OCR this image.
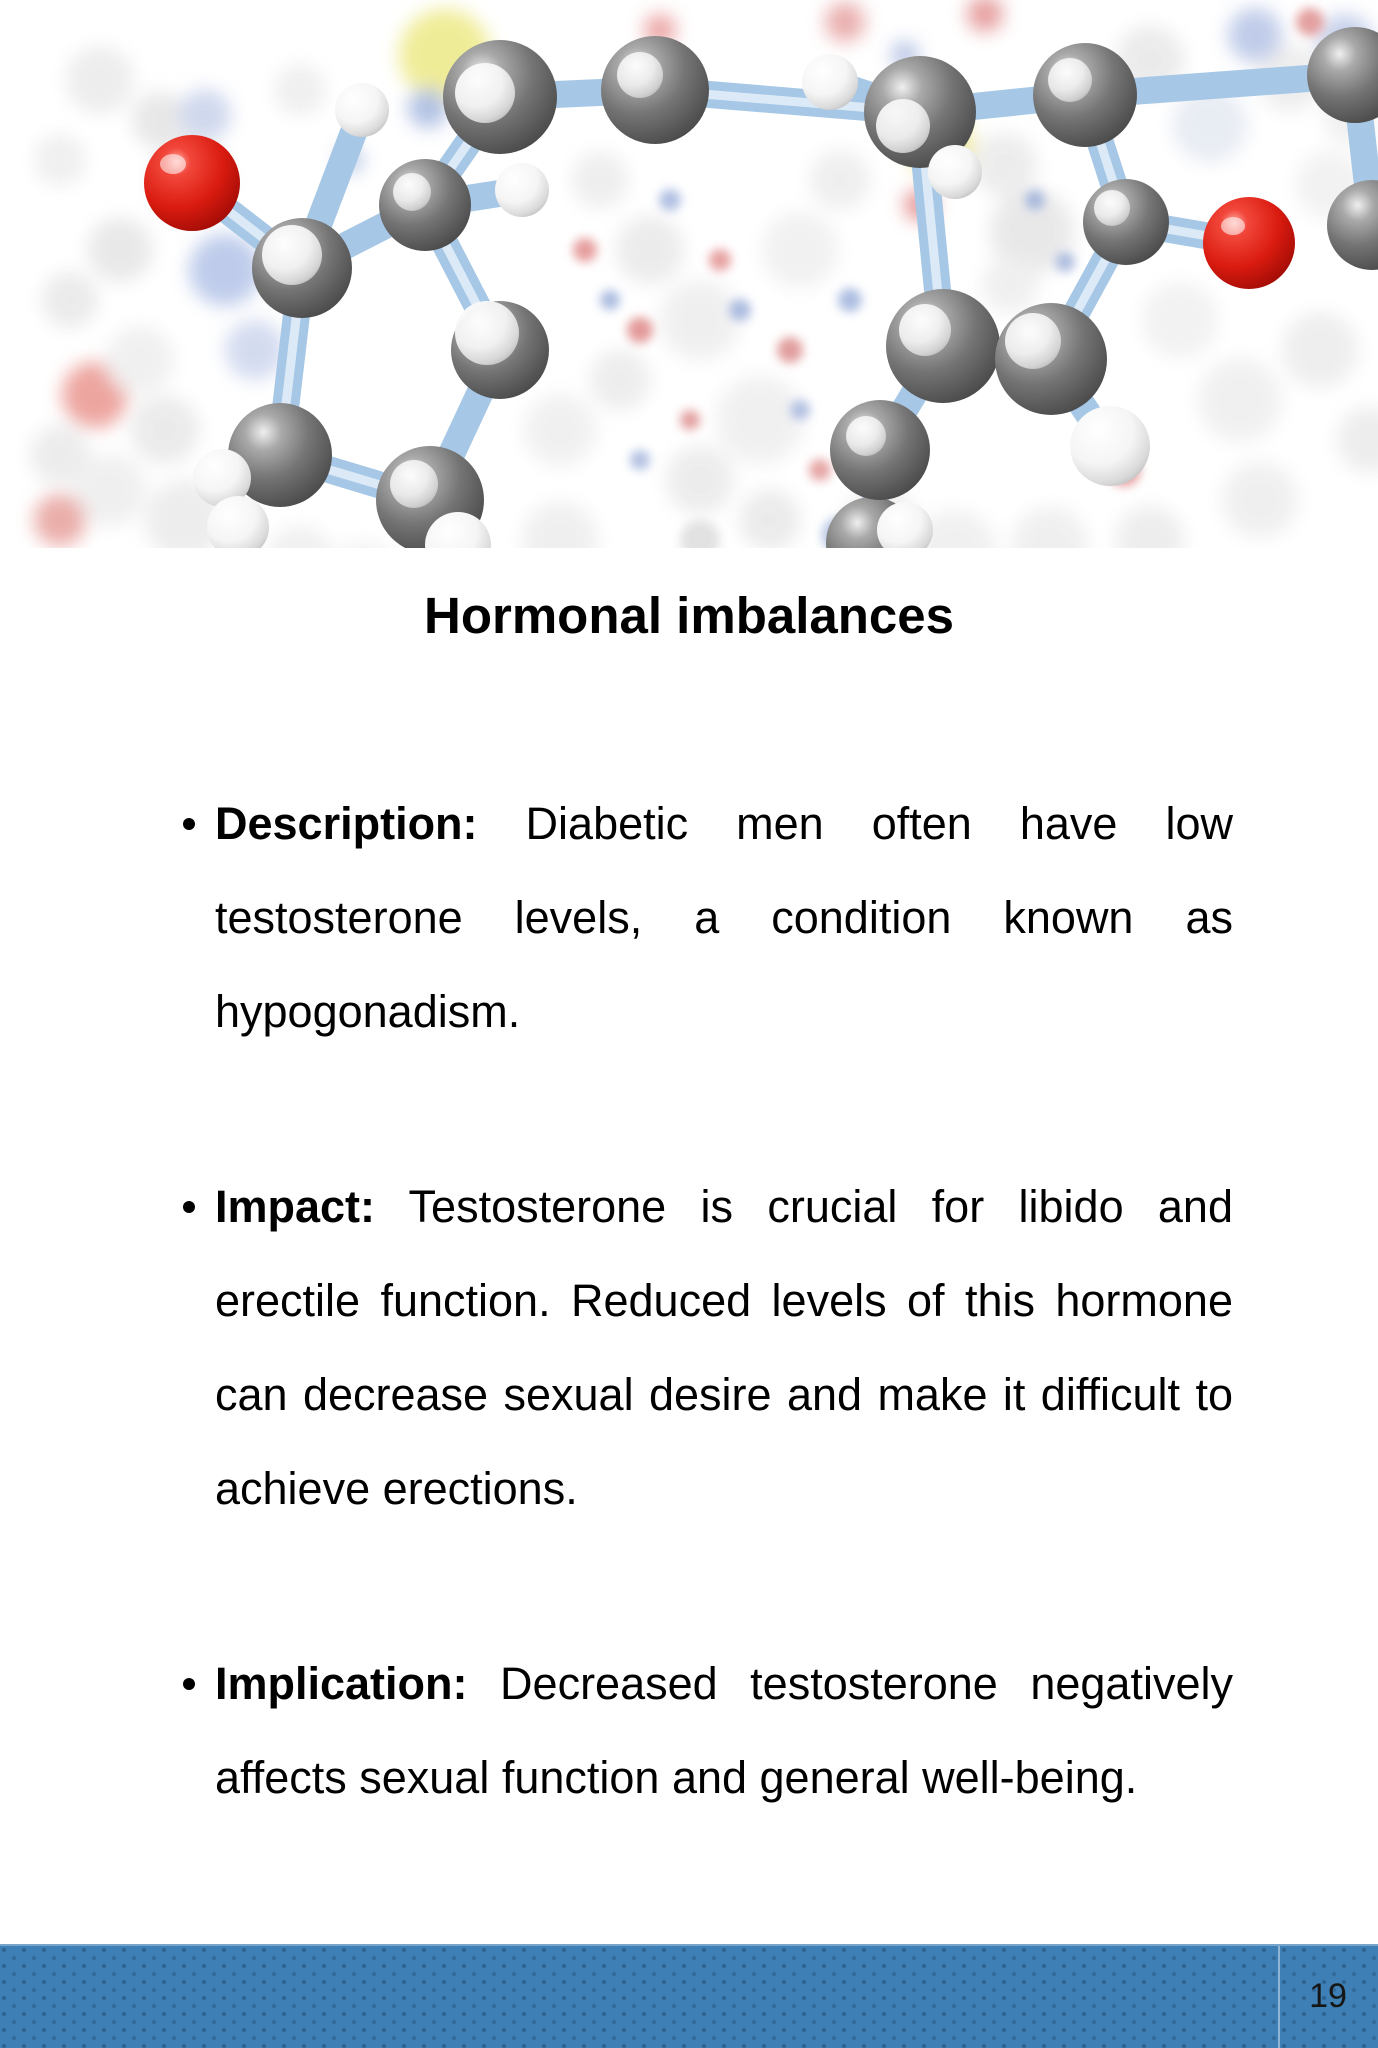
Hormonal imbalances
Description: Diabetic men often have low
testosterone levels, a condition known as
hypogonadism.
Impact: Testosterone is crucial for libido and
erectile function. Reduced levels of this hormone
can decrease sexual desire and make it difficult to
achieve erections.
Implication: Decreased testosterone negatively
affects sexual function and general well-being.
19
